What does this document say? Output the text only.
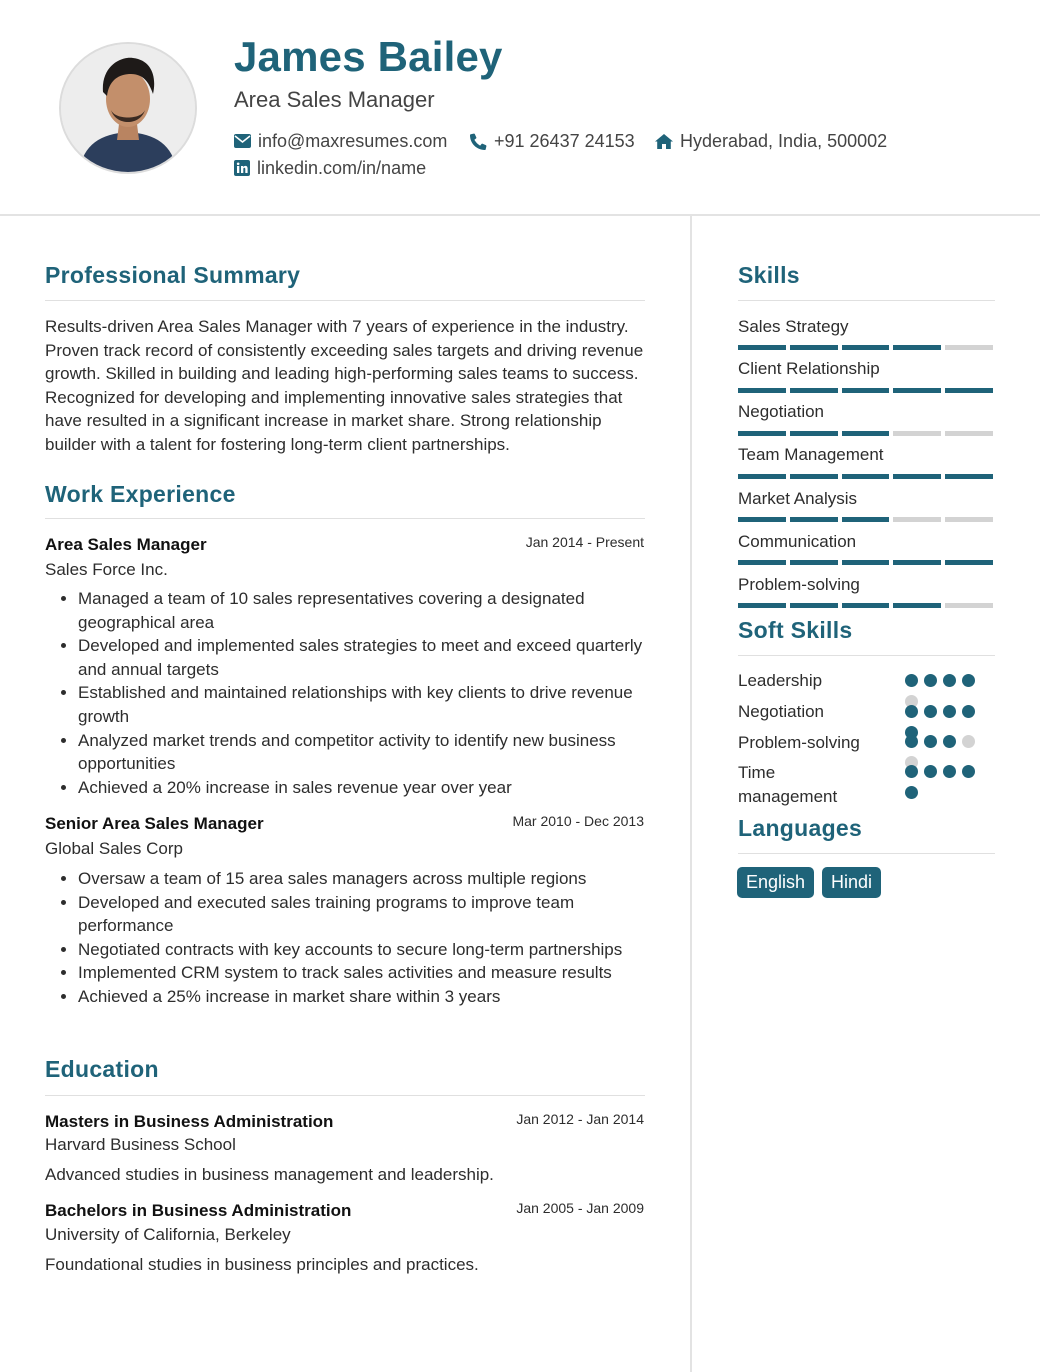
James Bailey
Area Sales Manager
info@maxresumes.com	+91 26437 24153	Hyderabad, India, 500002
linkedin.com/in/name
Professional Summary
Results-driven Area Sales Manager with 7 years of experience in the industry. Proven track record of consistently exceeding sales targets and driving revenue growth. Skilled in building and leading high-performing sales teams to success. Recognized for developing and implementing innovative sales strategies that have resulted in a significant increase in market share. Strong relationship builder with a talent for fostering long-term client partnerships.
Work Experience
Area Sales Manager	Jan 2014 - Present
Sales Force Inc.
• Managed a team of 10 sales representatives covering a designated geographical area
• Developed and implemented sales strategies to meet and exceed quarterly and annual targets
• Established and maintained relationships with key clients to drive revenue growth
• Analyzed market trends and competitor activity to identify new business opportunities
• Achieved a 20% increase in sales revenue year over year
Senior Area Sales Manager	Mar 2010 - Dec 2013
Global Sales Corp
• Oversaw a team of 15 area sales managers across multiple regions
• Developed and executed sales training programs to improve team performance
• Negotiated contracts with key accounts to secure long-term partnerships
• Implemented CRM system to track sales activities and measure results
• Achieved a 25% increase in market share within 3 years
Education
Masters in Business Administration	Jan 2012 - Jan 2014
Harvard Business School
Advanced studies in business management and leadership.
Bachelors in Business Administration	Jan 2005 - Jan 2009
University of California, Berkeley
Foundational studies in business principles and practices.
Skills
Sales Strategy
Client Relationship
Negotiation
Team Management
Market Analysis
Communication
Problem-solving
Soft Skills
Leadership
Negotiation
Problem-solving
Time management
Languages
English	Hindi
